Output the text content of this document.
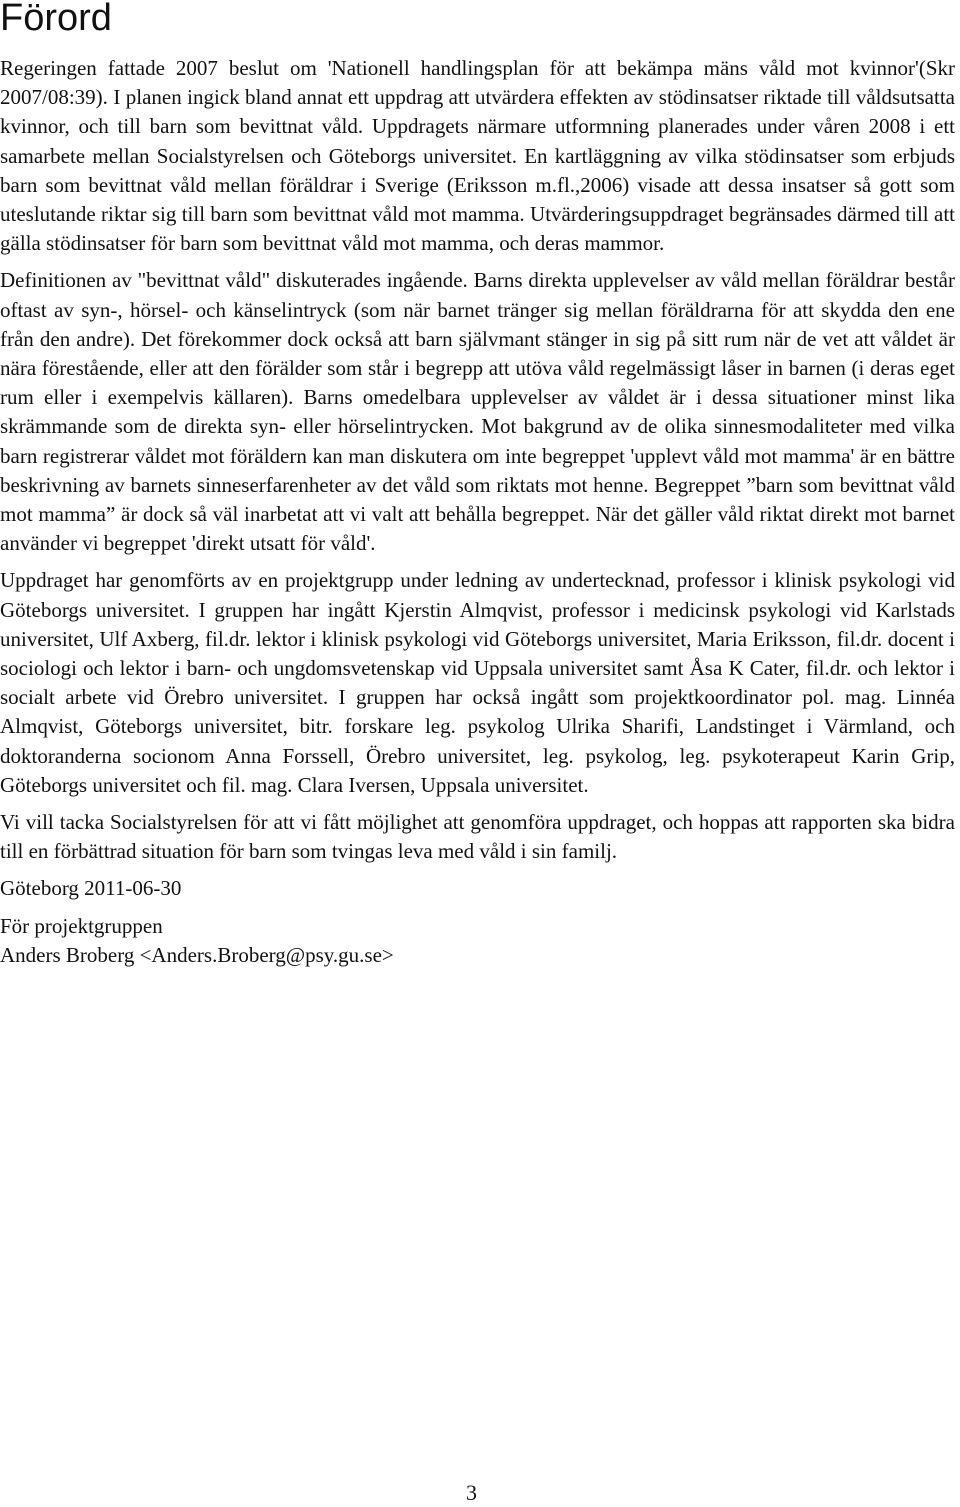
Förord

Regeringen fattade 2007 beslut om 'Nationell handlingsplan för att bekämpa mäns våld mot kvinnor'(Skr 2007/08:39). I planen ingick bland annat ett uppdrag att utvärdera effekten av stödinsatser riktade till våldsutsatta kvinnor, och till barn som bevittnat våld. Uppdragets närmare utformning planerades under våren 2008 i ett samarbete mellan Socialstyrelsen och Göteborgs universitet. En kartläggning av vilka stödinsatser som erbjuds barn som bevittnat våld mellan föräldrar i Sverige (Eriksson m.fl.,2006) visade att dessa insatser så gott som uteslutande riktar sig till barn som bevittnat våld mot mamma. Utvärderingsuppdraget begränsades därmed till att gälla stödinsatser för barn som bevittnat våld mot mamma, och deras mammor.

Definitionen av "bevittnat våld" diskuterades ingående. Barns direkta upplevelser av våld mellan föräldrar består oftast av syn-, hörsel- och känselintryck (som när barnet tränger sig mellan föräldrarna för att skydda den ene från den andre). Det förekommer dock också att barn självmant stänger in sig på sitt rum när de vet att våldet är nära förestående, eller att den förälder som står i begrepp att utöva våld regelmässigt låser in barnen (i deras eget rum eller i exempelvis källaren). Barns omedelbara upplevelser av våldet är i dessa situationer minst lika skrämmande som de direkta syn- eller hörselintrycken. Mot bakgrund av de olika sinnesmodaliteter med vilka barn registrerar våldet mot föräldern kan man diskutera om inte begreppet 'upplevt våld mot mamma' är en bättre beskrivning av barnets sinneserfarenheter av det våld som riktats mot henne. Begreppet ”barn som bevittnat våld mot mamma” är dock så väl inarbetat att vi valt att behålla begreppet. När det gäller våld riktat direkt mot barnet använder vi begreppet 'direkt utsatt för våld'.

Uppdraget har genomförts av en projektgrupp under ledning av undertecknad, professor i klinisk psykologi vid Göteborgs universitet. I gruppen har ingått Kjerstin Almqvist, professor i medicinsk psykologi vid Karlstads universitet, Ulf Axberg, fil.dr. lektor i klinisk psykologi vid Göteborgs universitet, Maria Eriksson, fil.dr. docent i sociologi och lektor i barn- och ungdomsvetenskap vid Uppsala universitet samt Åsa K Cater, fil.dr. och lektor i socialt arbete vid Örebro universitet. I gruppen har också ingått som projektkoordinator pol. mag. Linnéa Almqvist, Göteborgs universitet, bitr. forskare leg. psykolog Ulrika Sharifi, Landstinget i Värmland, och doktoranderna socionom Anna Forssell, Örebro universitet, leg. psykolog, leg. psykoterapeut Karin Grip, Göteborgs universitet och fil. mag. Clara Iversen, Uppsala universitet.

Vi vill tacka Socialstyrelsen för att vi fått möjlighet att genomföra uppdraget, och hoppas att rapporten ska bidra till en förbättrad situation för barn som tvingas leva med våld i sin familj.

Göteborg 2011-06-30

För projektgruppen
Anders Broberg <Anders.Broberg@psy.gu.se>
3
